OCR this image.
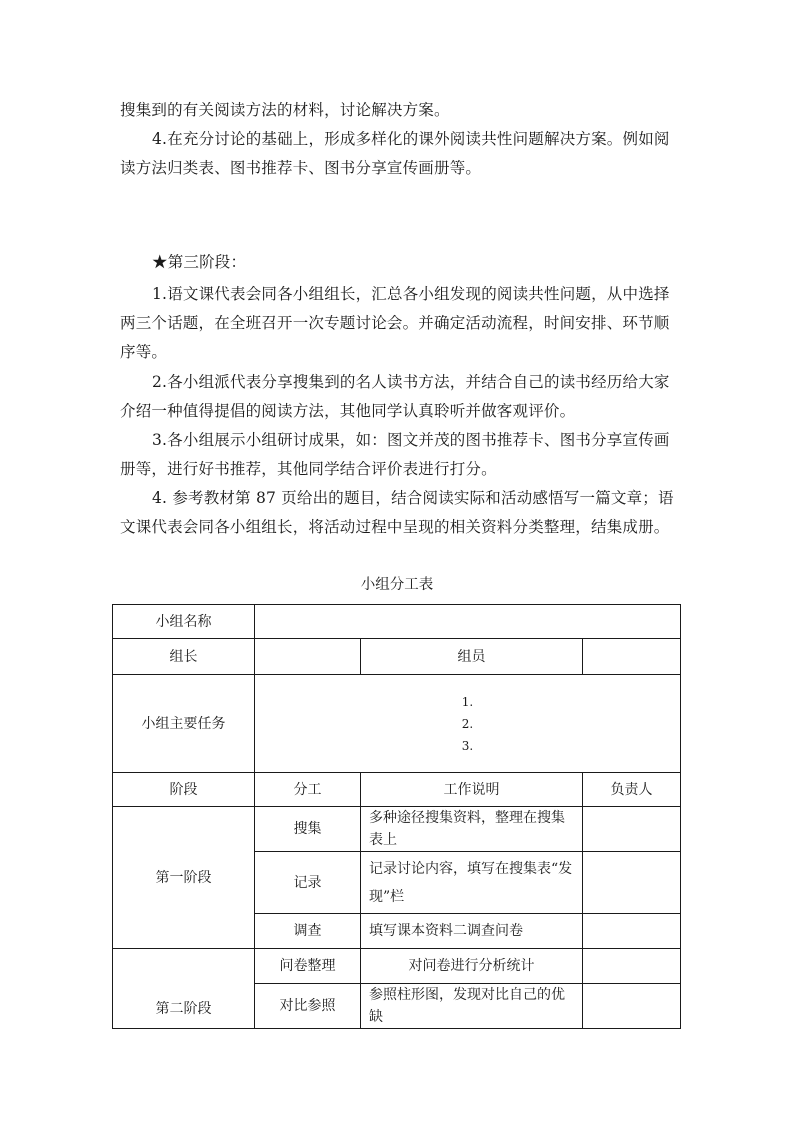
搜集到的有关阅读方法的材料，讨论解决方案。

4.在充分讨论的基础上，形成多样化的课外阅读共性问题解决方案。例如阅读方法归类表、图书推荐卡、图书分享宣传画册等。

★第三阶段：

1.语文课代表会同各小组组长，汇总各小组发现的阅读共性问题，从中选择两三个话题，在全班召开一次专题讨论会。并确定活动流程，时间安排、环节顺序等。

2.各小组派代表分享搜集到的名人读书方法，并结合自己的读书经历给大家介绍一种值得提倡的阅读方法，其他同学认真聆听并做客观评价。

3.各小组展示小组研讨成果，如：图文并茂的图书推荐卡、图书分享宣传画册等，进行好书推荐，其他同学结合评价表进行打分。

4. 参考教材第 87 页给出的题目，结合阅读实际和活动感悟写一篇文章；语文课代表会同各小组组长，将活动过程中呈现的相关资料分类整理，结集成册。

小组分工表
小组名称			
组长		组员	
小组主要任务	1.
2.
3.		

阶段	分工	工作说明	负责人
第一阶段	搜集	多种途径搜集资料，整理在搜集表上	
	记录	记录讨论内容，填写在搜集表“发现”栏	
	调查	填写课本资料二调查问卷	
第二阶段	问卷整理	对问卷进行分析统计	
	对比参照	参照柱形图，发现对比自己的优缺	
